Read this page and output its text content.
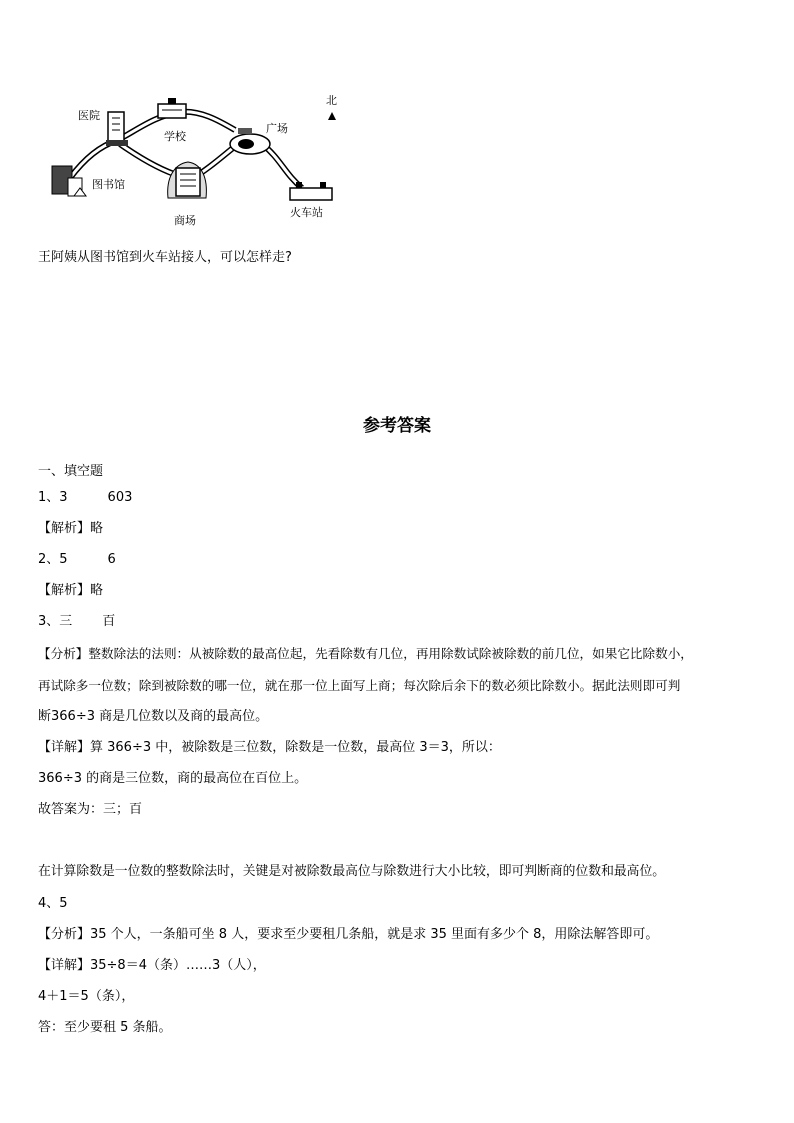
北
医院
学校
广场
图书馆
商场
火车站
王阿姨从图书馆到火车站接人，可以怎样走?
参考答案
一、填空题
1、3	603
【解析】略
2、5	6
【解析】略
3、三 百
【分析】整数除法的法则：从被除数的最高位起，先看除数有几位，再用除数试除被除数的前几位，如果它比除数小，
再试除多一位数；除到被除数的哪一位，就在那一位上面写上商；每次除后余下的数必须比除数小。据此法则即可判
断366÷3 商是几位数以及商的最高位。
【详解】算 366÷3 中，被除数是三位数，除数是一位数，最高位 3＝3，所以：
366÷3 的商是三位数，商的最高位在百位上。
故答案为：三；百
在计算除数是一位数的整数除法时，关键是对被除数最高位与除数进行大小比较，即可判断商的位数和最高位。
4、5
【分析】35 个人，一条船可坐 8 人，要求至少要租几条船，就是求 35 里面有多少个 8，用除法解答即可。
【详解】35÷8＝4（条）……3（人），
4＋1＝5（条），
答：至少要租 5 条船。
